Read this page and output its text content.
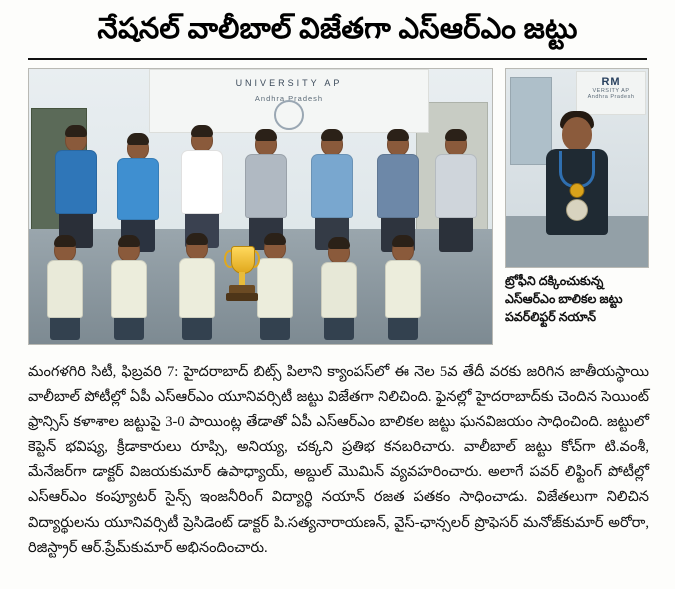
నేషనల్ వాలీబాల్ విజేతగా ఎస్‌ఆర్‌ఎం జట్టు
UNIVERSITY AP
Andhra Pradesh
RM
VERSITY AP
Andhra Pradesh
ట్రోఫీని దక్కించుకున్న ఎస్‌ఆర్‌ఎం బాలికల జట్టు పవర్‌లిఫ్టర్ నయాన్

మంగళగిరి సిటీ, ఫిబ్రవరి 7: హైదరాబాద్ బిట్స్ పిలాని క్యాంపస్‌లో ఈ నెల 5వ తేదీ వరకు జరిగిన జాతీయస్థాయి వాలీబాల్ పోటీల్లో ఏపీ ఎస్‌ఆర్‌ఎం యూనివర్సిటీ జట్టు విజేతగా నిలిచింది. ఫైనల్లో హైదరాబాద్‌కు చెందిన సెయింట్ ఫ్రాన్సిస్ కళాశాల జట్టుపై 3-0 పాయింట్ల తేడాతో ఏపీ ఎస్‌ఆర్‌ఎం బాలికల జట్టు ఘనవిజయం సాధించింది. జట్టులో కెప్టెన్ భవిష్య, క్రీడాకారులు రూప్సి, అనియ్య, చక్కని ప్రతిభ కనబరిచారు. వాలీబాల్ జట్టు కోచ్‌గా టి.వంశీ, మేనేజర్‌గా డాక్టర్ విజయకుమార్ ఉపాధ్యాయ్, అబ్దుల్ మొమిన్ వ్యవహరించారు. అలాగే పవర్ లిఫ్టింగ్ పోటీల్లో ఎస్‌ఆర్‌ఎం కంప్యూటర్ సైన్స్ ఇంజనీరింగ్ విద్యార్థి నయాన్ రజత పతకం సాధించాడు. విజేతలుగా నిలిచిన విద్యార్థులను యూనివర్సిటీ ప్రెసిడెంట్ డాక్టర్ పి.సత్యనారాయణన్, వైస్‌-ఛాన్సలర్ ప్రొఫెసర్ మనోజ్‌కుమార్ అరోరా, రిజిస్ట్రార్ ఆర్.ప్రేమ్‌కుమార్ అభినందించారు.
